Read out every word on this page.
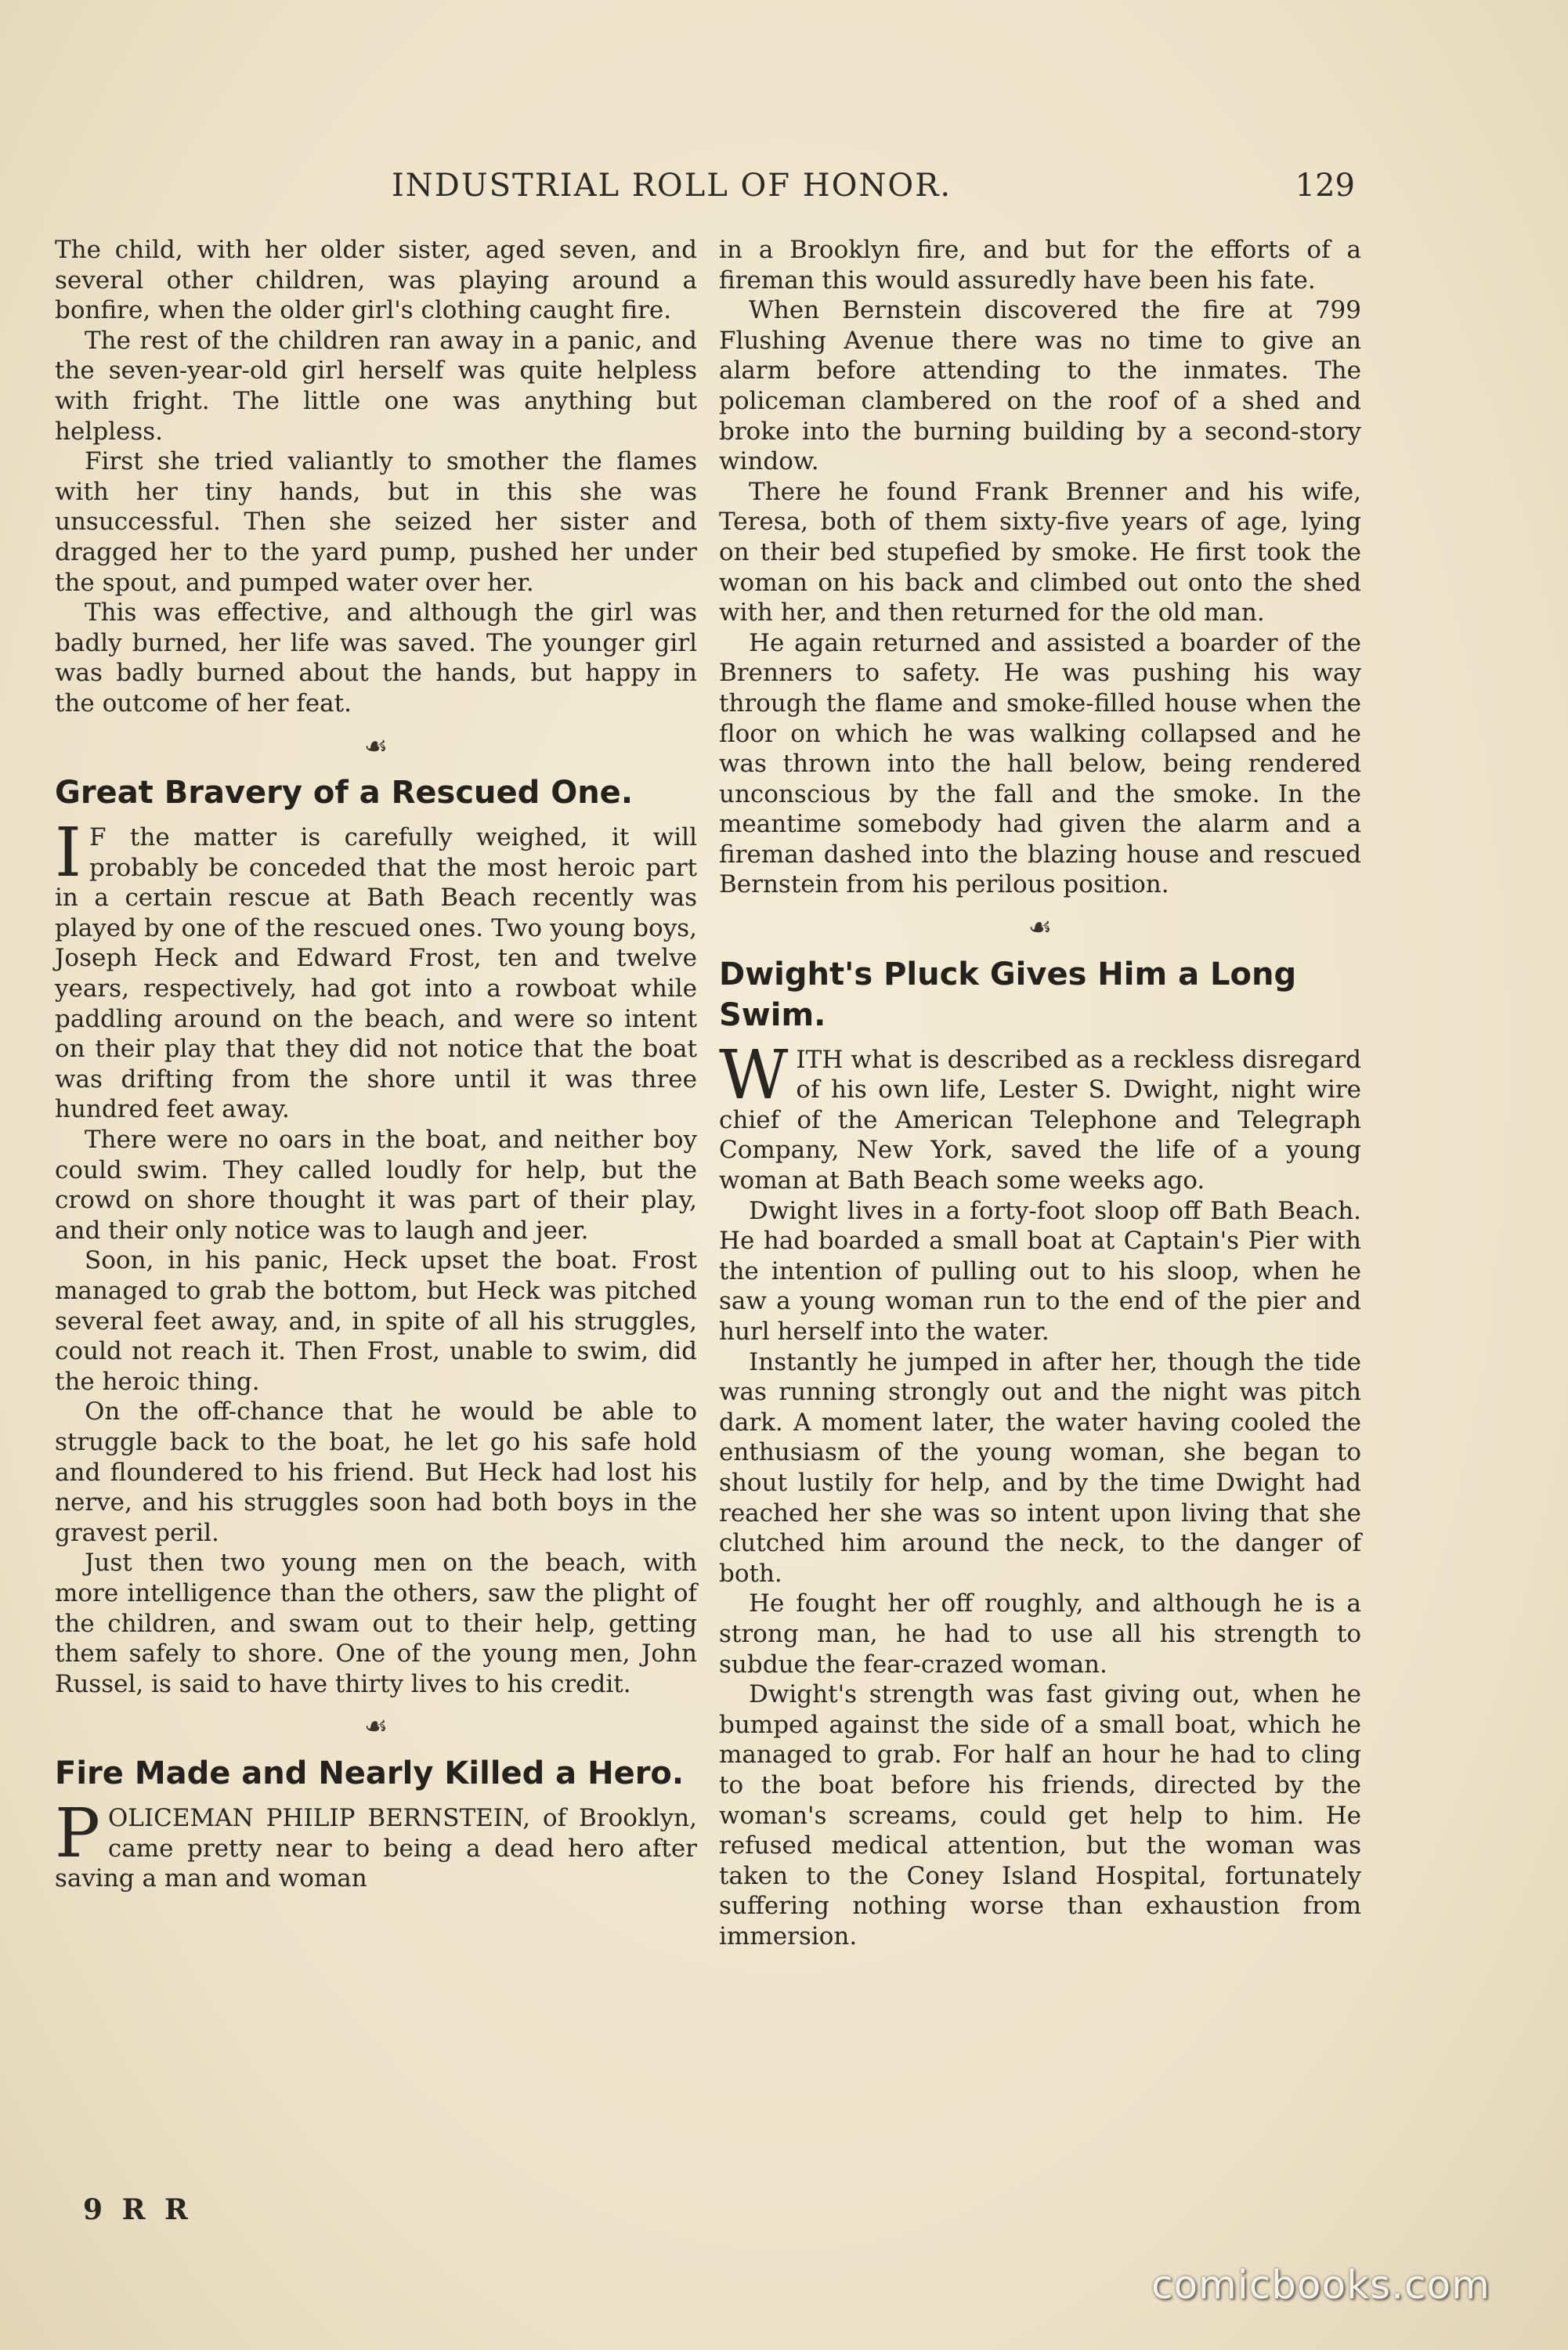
INDUSTRIAL ROLL OF HONOR.	129

The child, with her older sister, aged seven, and several other children, was playing around a bonfire, when the older girl's clothing caught fire.

The rest of the children ran away in a panic, and the seven-year-old girl herself was quite helpless with fright. The little one was anything but helpless.

First she tried valiantly to smother the flames with her tiny hands, but in this she was unsuccessful. Then she seized her sister and dragged her to the yard pump, pushed her under the spout, and pumped water over her.

This was effective, and although the girl was badly burned, her life was saved. The younger girl was badly burned about the hands, but happy in the outcome of her feat.

☙
Great Bravery of a Rescued One.

I F the matter is carefully weighed, it will probably be conceded that the most heroic part in a certain rescue at Bath Beach recently was played by one of the rescued ones. Two young boys, Joseph Heck and Edward Frost, ten and twelve years, respectively, had got into a rowboat while paddling around on the beach, and were so intent on their play that they did not notice that the boat was drifting from the shore until it was three hundred feet away.

There were no oars in the boat, and neither boy could swim. They called loudly for help, but the crowd on shore thought it was part of their play, and their only notice was to laugh and jeer.

Soon, in his panic, Heck upset the boat. Frost managed to grab the bottom, but Heck was pitched several feet away, and, in spite of all his struggles, could not reach it. Then Frost, unable to swim, did the heroic thing.

On the off-chance that he would be able to struggle back to the boat, he let go his safe hold and floundered to his friend. But Heck had lost his nerve, and his struggles soon had both boys in the gravest peril.

Just then two young men on the beach, with more intelligence than the others, saw the plight of the children, and swam out to their help, getting them safely to shore. One of the young men, John Russel, is said to have thirty lives to his credit.

☙
Fire Made and Nearly Killed a Hero.

POLICEMAN PHILIP BERNSTEIN, of Brooklyn, came pretty near to being a dead hero after saving a man and woman

in a Brooklyn fire, and but for the efforts of a fireman this would assuredly have been his fate.

When Bernstein discovered the fire at 799 Flushing Avenue there was no time to give an alarm before attending to the inmates. The policeman clambered on the roof of a shed and broke into the burning building by a second-story window.

There he found Frank Brenner and his wife, Teresa, both of them sixty-five years of age, lying on their bed stupefied by smoke. He first took the woman on his back and climbed out onto the shed with her, and then returned for the old man.

He again returned and assisted a boarder of the Brenners to safety. He was pushing his way through the flame and smoke-filled house when the floor on which he was walking collapsed and he was thrown into the hall below, being rendered unconscious by the fall and the smoke. In the meantime somebody had given the alarm and a fireman dashed into the blazing house and rescued Bernstein from his perilous position.

☙
Dwight's Pluck Gives Him a Long Swim.

WITH what is described as a reckless disregard of his own life, Lester S. Dwight, night wire chief of the American Telephone and Telegraph Company, New York, saved the life of a young woman at Bath Beach some weeks ago.

Dwight lives in a forty-foot sloop off Bath Beach. He had boarded a small boat at Captain's Pier with the intention of pulling out to his sloop, when he saw a young woman run to the end of the pier and hurl herself into the water.

Instantly he jumped in after her, though the tide was running strongly out and the night was pitch dark. A moment later, the water having cooled the enthusiasm of the young woman, she began to shout lustily for help, and by the time Dwight had reached her she was so intent upon living that she clutched him around the neck, to the danger of both.

He fought her off roughly, and although he is a strong man, he had to use all his strength to subdue the fear-crazed woman.

Dwight's strength was fast giving out, when he bumped against the side of a small boat, which he managed to grab. For half an hour he had to cling to the boat before his friends, directed by the woman's screams, could get help to him. He refused medical attention, but the woman was taken to the Coney Island Hospital, fortunately suffering nothing worse than exhaustion from immersion.

9 R R
comicbooks.com
